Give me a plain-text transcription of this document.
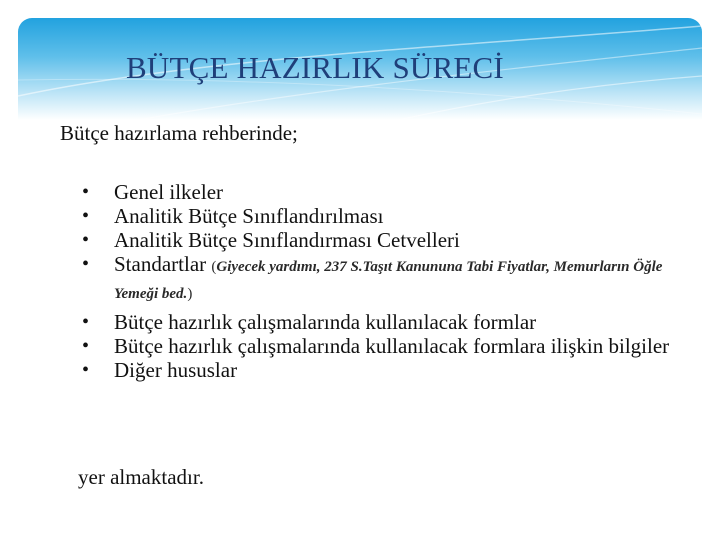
BÜTÇE HAZIRLIK SÜRECİ
Bütçe hazırlama rehberinde;
• Genel ilkeler
• Analitik Bütçe Sınıflandırılması
• Analitik Bütçe Sınıflandırması Cetvelleri
• Standartlar (Giyecek yardımı, 237 S.Taşıt Kanununa Tabi Fiyatlar, Memurların Öğle Yemeği bed.)
• Bütçe hazırlık çalışmalarında kullanılacak formlar
• Bütçe hazırlık çalışmalarında kullanılacak formlara ilişkin bilgiler
• Diğer hususlar
yer almaktadır.
